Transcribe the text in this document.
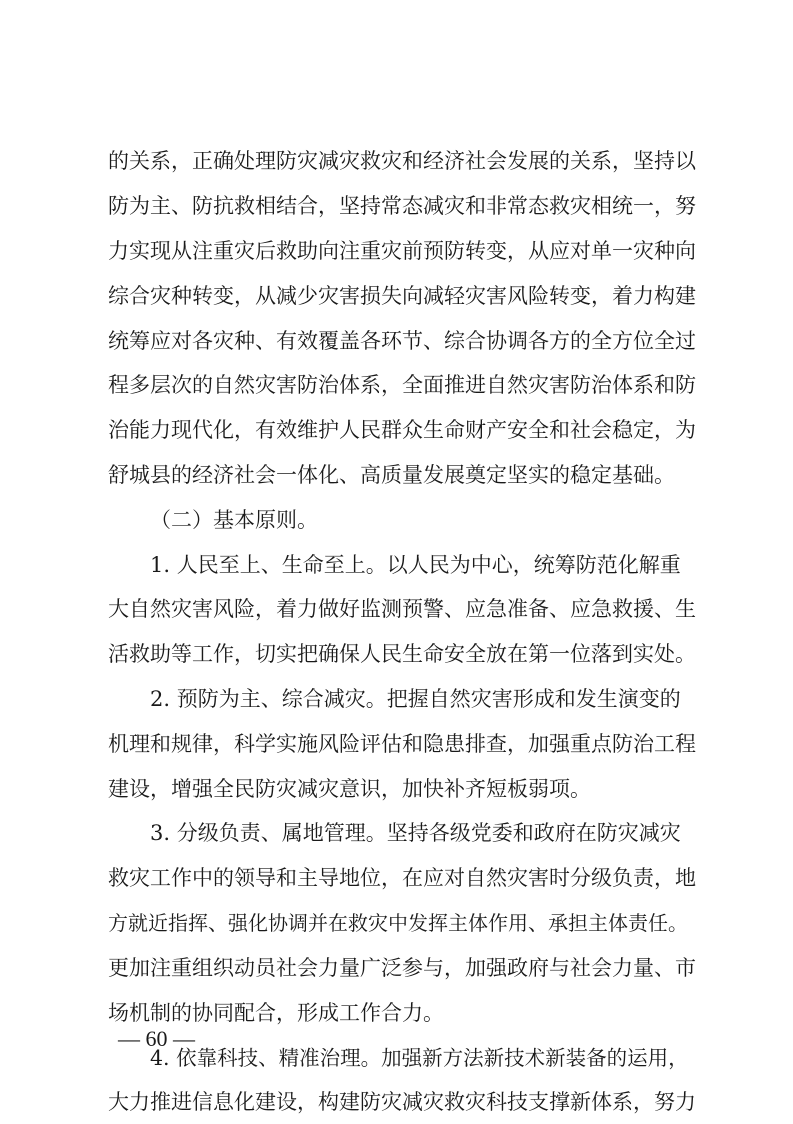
的关系，正确处理防灾减灾救灾和经济社会发展的关系，坚持以
防为主、防抗救相结合，坚持常态减灾和非常态救灾相统一，努
力实现从注重灾后救助向注重灾前预防转变，从应对单一灾种向
综合灾种转变，从减少灾害损失向减轻灾害风险转变，着力构建
统筹应对各灾种、有效覆盖各环节、综合协调各方的全方位全过
程多层次的自然灾害防治体系，全面推进自然灾害防治体系和防
治能力现代化，有效维护人民群众生命财产安全和社会稳定，为
舒城县的经济社会一体化、高质量发展奠定坚实的稳定基础。
（二）基本原则。
1. 人民至上、生命至上。以人民为中心，统筹防范化解重
大自然灾害风险，着力做好监测预警、应急准备、应急救援、生
活救助等工作，切实把确保人民生命安全放在第一位落到实处。
2. 预防为主、综合减灾。把握自然灾害形成和发生演变的
机理和规律，科学实施风险评估和隐患排查，加强重点防治工程
建设，增强全民防灾减灾意识，加快补齐短板弱项。
3. 分级负责、属地管理。坚持各级党委和政府在防灾减灾
救灾工作中的领导和主导地位，在应对自然灾害时分级负责，地
方就近指挥、强化协调并在救灾中发挥主体作用、承担主体责任。
更加注重组织动员社会力量广泛参与，加强政府与社会力量、市
场机制的协同配合，形成工作合力。
4. 依靠科技、精准治理。加强新方法新技术新装备的运用，
大力推进信息化建设，构建防灾减灾救灾科技支撑新体系，努力
— 60 —
